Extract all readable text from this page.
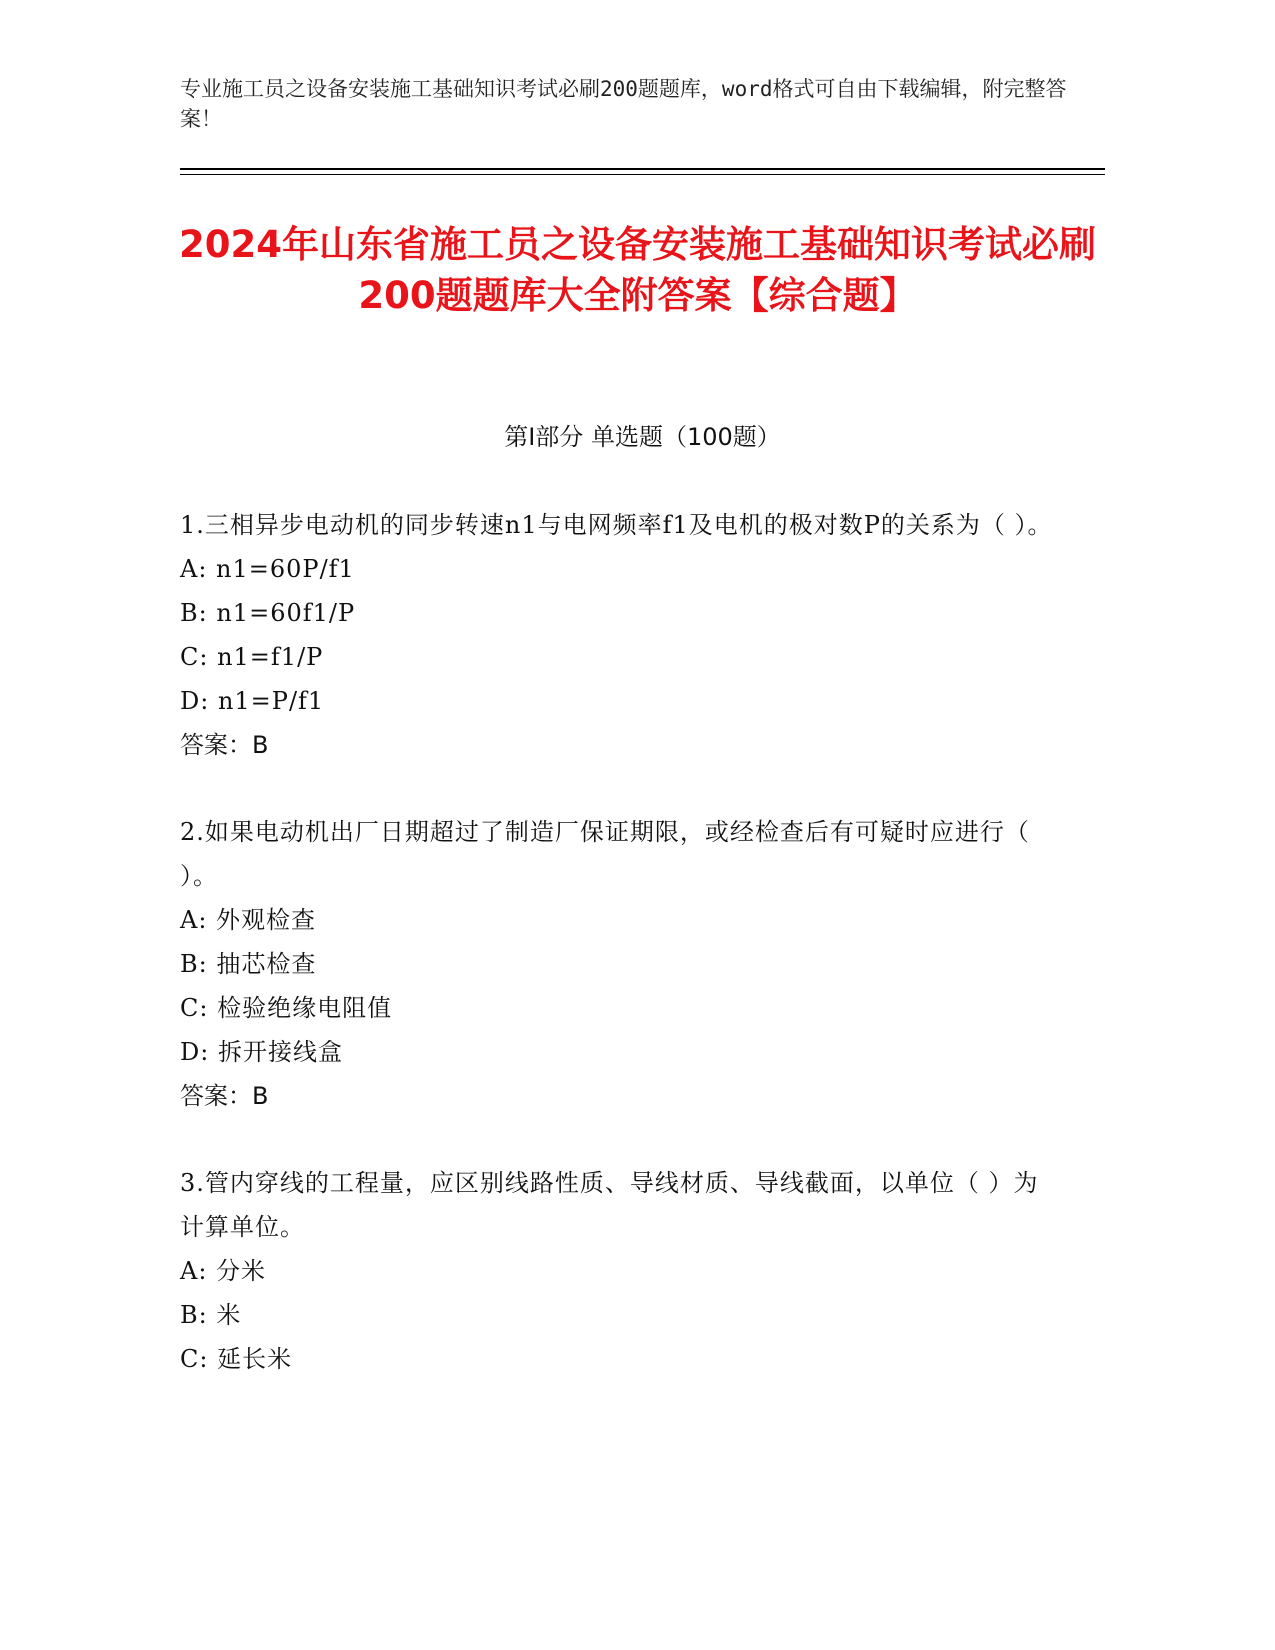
专业施工员之设备安装施工基础知识考试必刷200题题库，word格式可自由下载编辑，附完整答案！
2024年山东省施工员之设备安装施工基础知识考试必刷200题题库大全附答案【综合题】
第Ⅰ部分 单选题（100题）
1.三相异步电动机的同步转速n1与电网频率f1及电机的极对数P的关系为（ ）。
A: n1=60P/f1
B: n1=60f1/P
C: n1=f1/P
D: n1=P/f1
答案：B
2.如果电动机出厂日期超过了制造厂保证期限，或经检查后有可疑时应进行（ ）。
A: 外观检查
B: 抽芯检查
C: 检验绝缘电阻值
D: 拆开接线盒
答案：B
3.管内穿线的工程量，应区别线路性质、导线材质、导线截面，以单位（ ）为计算单位。
A: 分米
B: 米
C: 延长米
